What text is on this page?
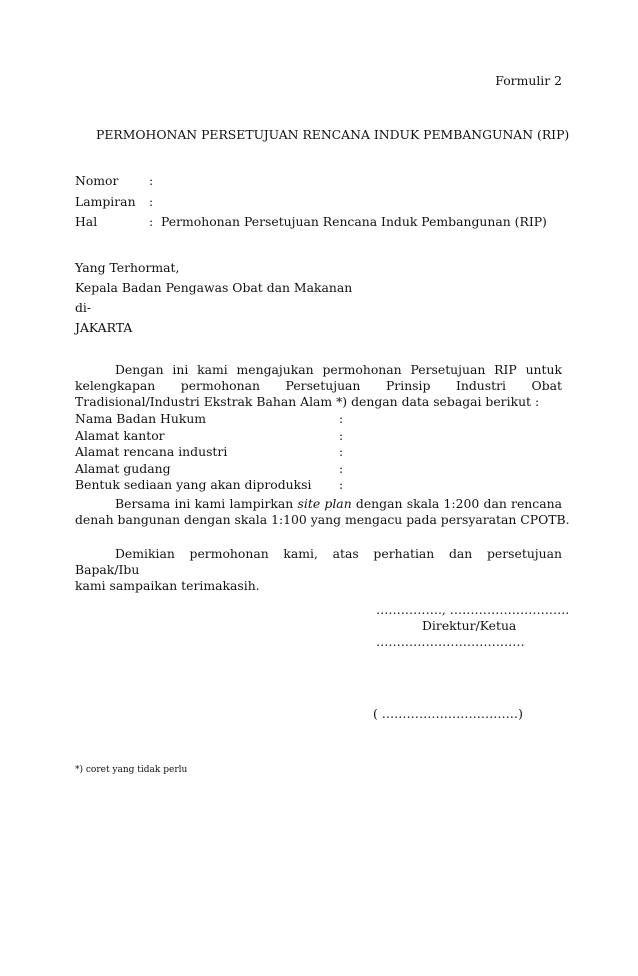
Formulir 2
PERMOHONAN PERSETUJUAN RENCANA INDUK PEMBANGUNAN (RIP)
Nomor :
Lampiran :
Hal	: Permohonan Persetujuan Rencana Induk Pembangunan (RIP)
Yang Terhormat,
Kepala Badan Pengawas Obat dan Makanan
di-
JAKARTA
Dengan ini kami mengajukan permohonan Persetujuan RIP untuk
kelengkapan permohonan Persetujuan Prinsip Industri Obat
Tradisional/Industri Ekstrak Bahan Alam *) dengan data sebagai berikut :
Nama Badan Hukum	:
Alamat kantor	:
Alamat rencana industri	:
Alamat gudang	:
Bentuk sediaan yang akan diproduksi :
Bersama ini kami lampirkan site plan dengan skala 1:200 dan rencana
denah bangunan dengan skala 1:100 yang mengacu pada persyaratan CPOTB.
Demikian permohonan kami, atas perhatian dan persetujuan Bapak/Ibu
kami sampaikan terimakasih.
……………., ………………………..
Direktur/Ketua
………………………………
( ……………………………)
*) coret yang tidak perlu
